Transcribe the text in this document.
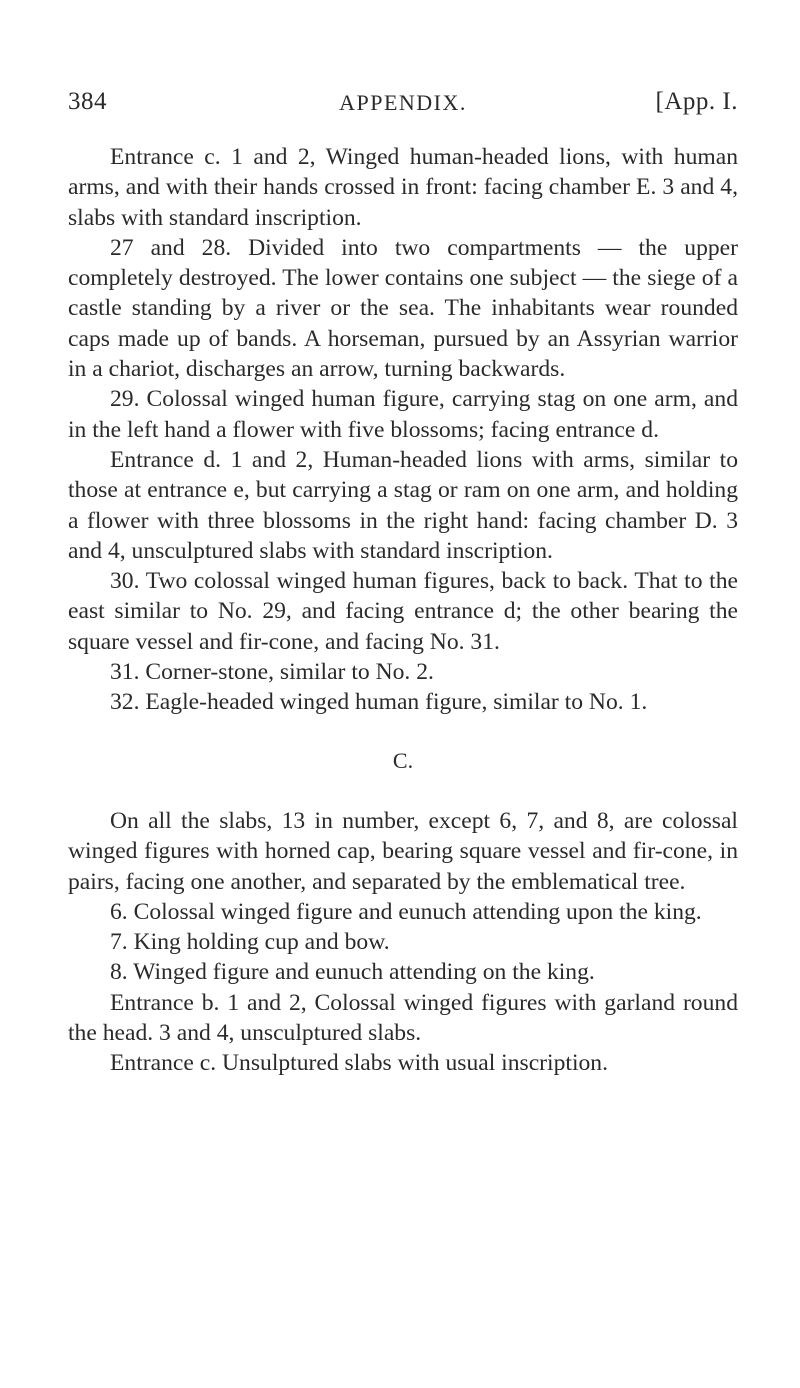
384	APPENDIX.	[App. I.

Entrance c. 1 and 2, Winged human-headed lions, with human arms, and with their hands crossed in front: facing chamber E. 3 and 4, slabs with standard inscription.

27 and 28. Divided into two compartments — the upper completely destroyed. The lower contains one subject — the siege of a castle standing by a river or the sea. The inhabitants wear rounded caps made up of bands. A horseman, pursued by an Assyrian warrior in a chariot, discharges an arrow, turning backwards.

29. Colossal winged human figure, carrying stag on one arm, and in the left hand a flower with five blossoms; facing entrance d.

Entrance d. 1 and 2, Human-headed lions with arms, similar to those at entrance e, but carrying a stag or ram on one arm, and holding a flower with three blossoms in the right hand: facing chamber D. 3 and 4, unsculptured slabs with standard inscription.

30. Two colossal winged human figures, back to back. That to the east similar to No. 29, and facing entrance d; the other bearing the square vessel and fir-cone, and facing No. 31.

31. Corner-stone, similar to No. 2.

32. Eagle-headed winged human figure, similar to No. 1.

C.

On all the slabs, 13 in number, except 6, 7, and 8, are colossal winged figures with horned cap, bearing square vessel and fir-cone, in pairs, facing one another, and separated by the emblematical tree.

6. Colossal winged figure and eunuch attending upon the king.

7. King holding cup and bow.

8. Winged figure and eunuch attending on the king.

Entrance b. 1 and 2, Colossal winged figures with garland round the head. 3 and 4, unsculptured slabs.

Entrance c. Unsulptured slabs with usual inscription.
